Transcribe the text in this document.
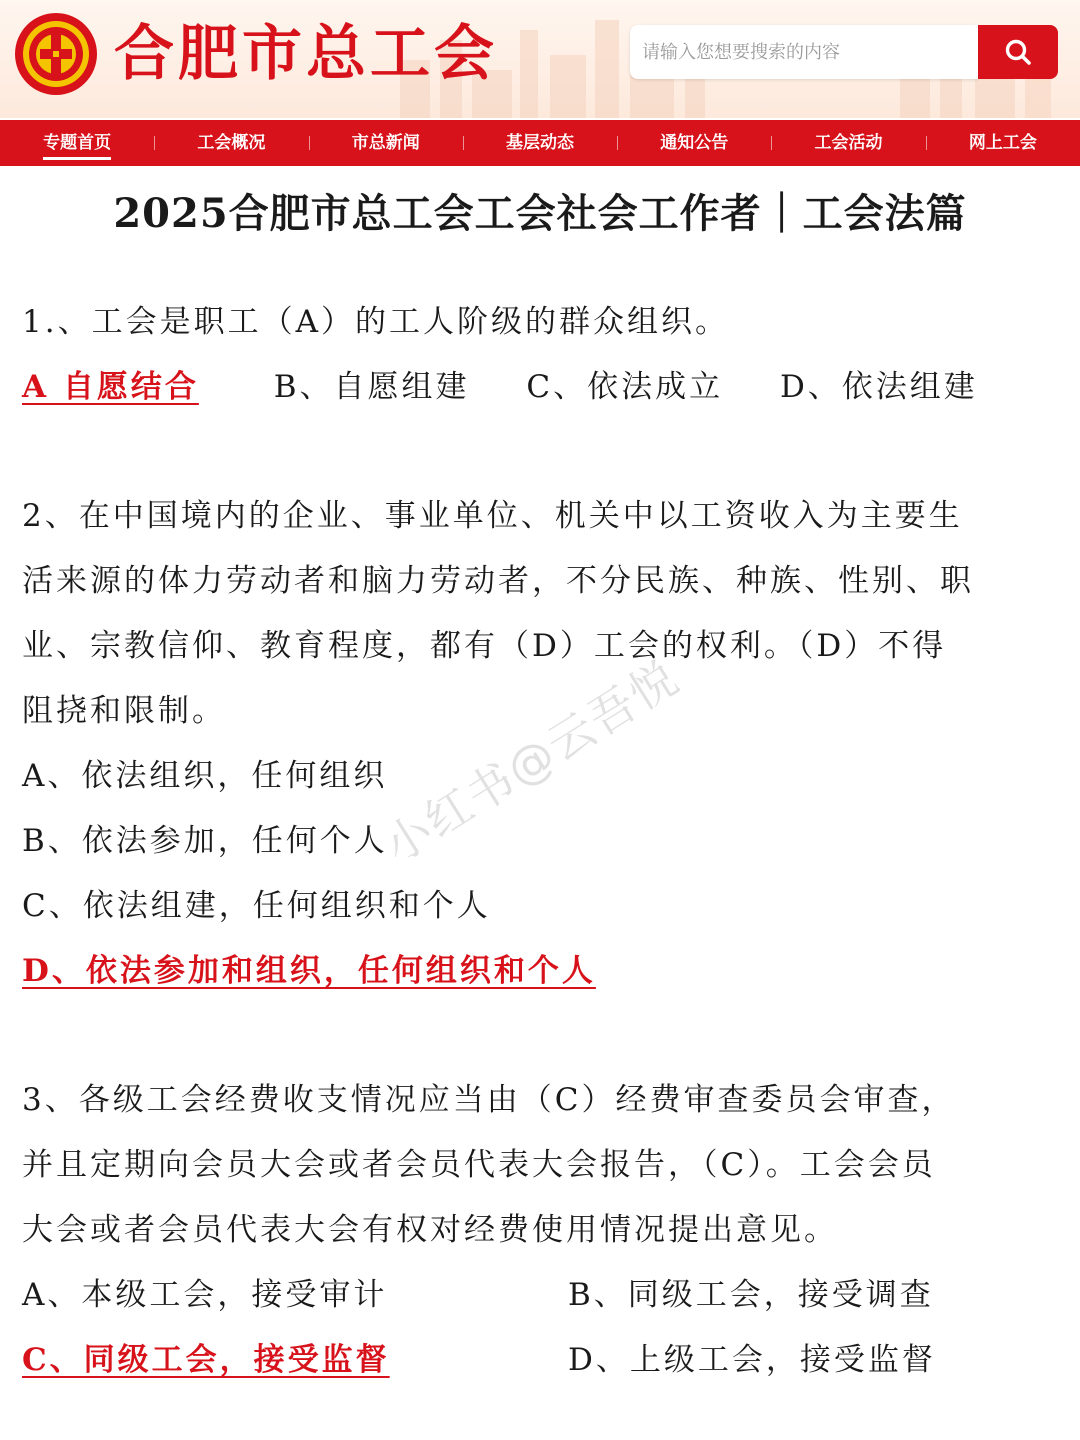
合肥市总工会
请输入您想要搜索的内容
专题首页	工会概况	市总新闻	基层动态	通知公告	工会活动	网上工会
2025合肥市总工会工会社会工作者｜工会法篇
1.、工会是职工（A）的工人阶级的群众组织。
A 自愿结合 B、自愿组建 C、依法成立 D、依法组建
2、在中国境内的企业、事业单位、机关中以工资收入为主要生
活来源的体力劳动者和脑力劳动者，不分民族、种族、性别、职
业、宗教信仰、教育程度，都有（D）工会的权利。（D）不得
阻挠和限制。
A、依法组织，任何组织
B、依法参加，任何个人
C、依法组建，任何组织和个人
D、依法参加和组织，任何组织和个人
3、各级工会经费收支情况应当由（C）经费审查委员会审查，
并且定期向会员大会或者会员代表大会报告，（C）。工会会员
大会或者会员代表大会有权对经费使用情况提出意见。
A、本级工会，接受审计	B、同级工会，接受调查
C、同级工会，接受监督	D、上级工会，接受监督
小红书@云吾悦
